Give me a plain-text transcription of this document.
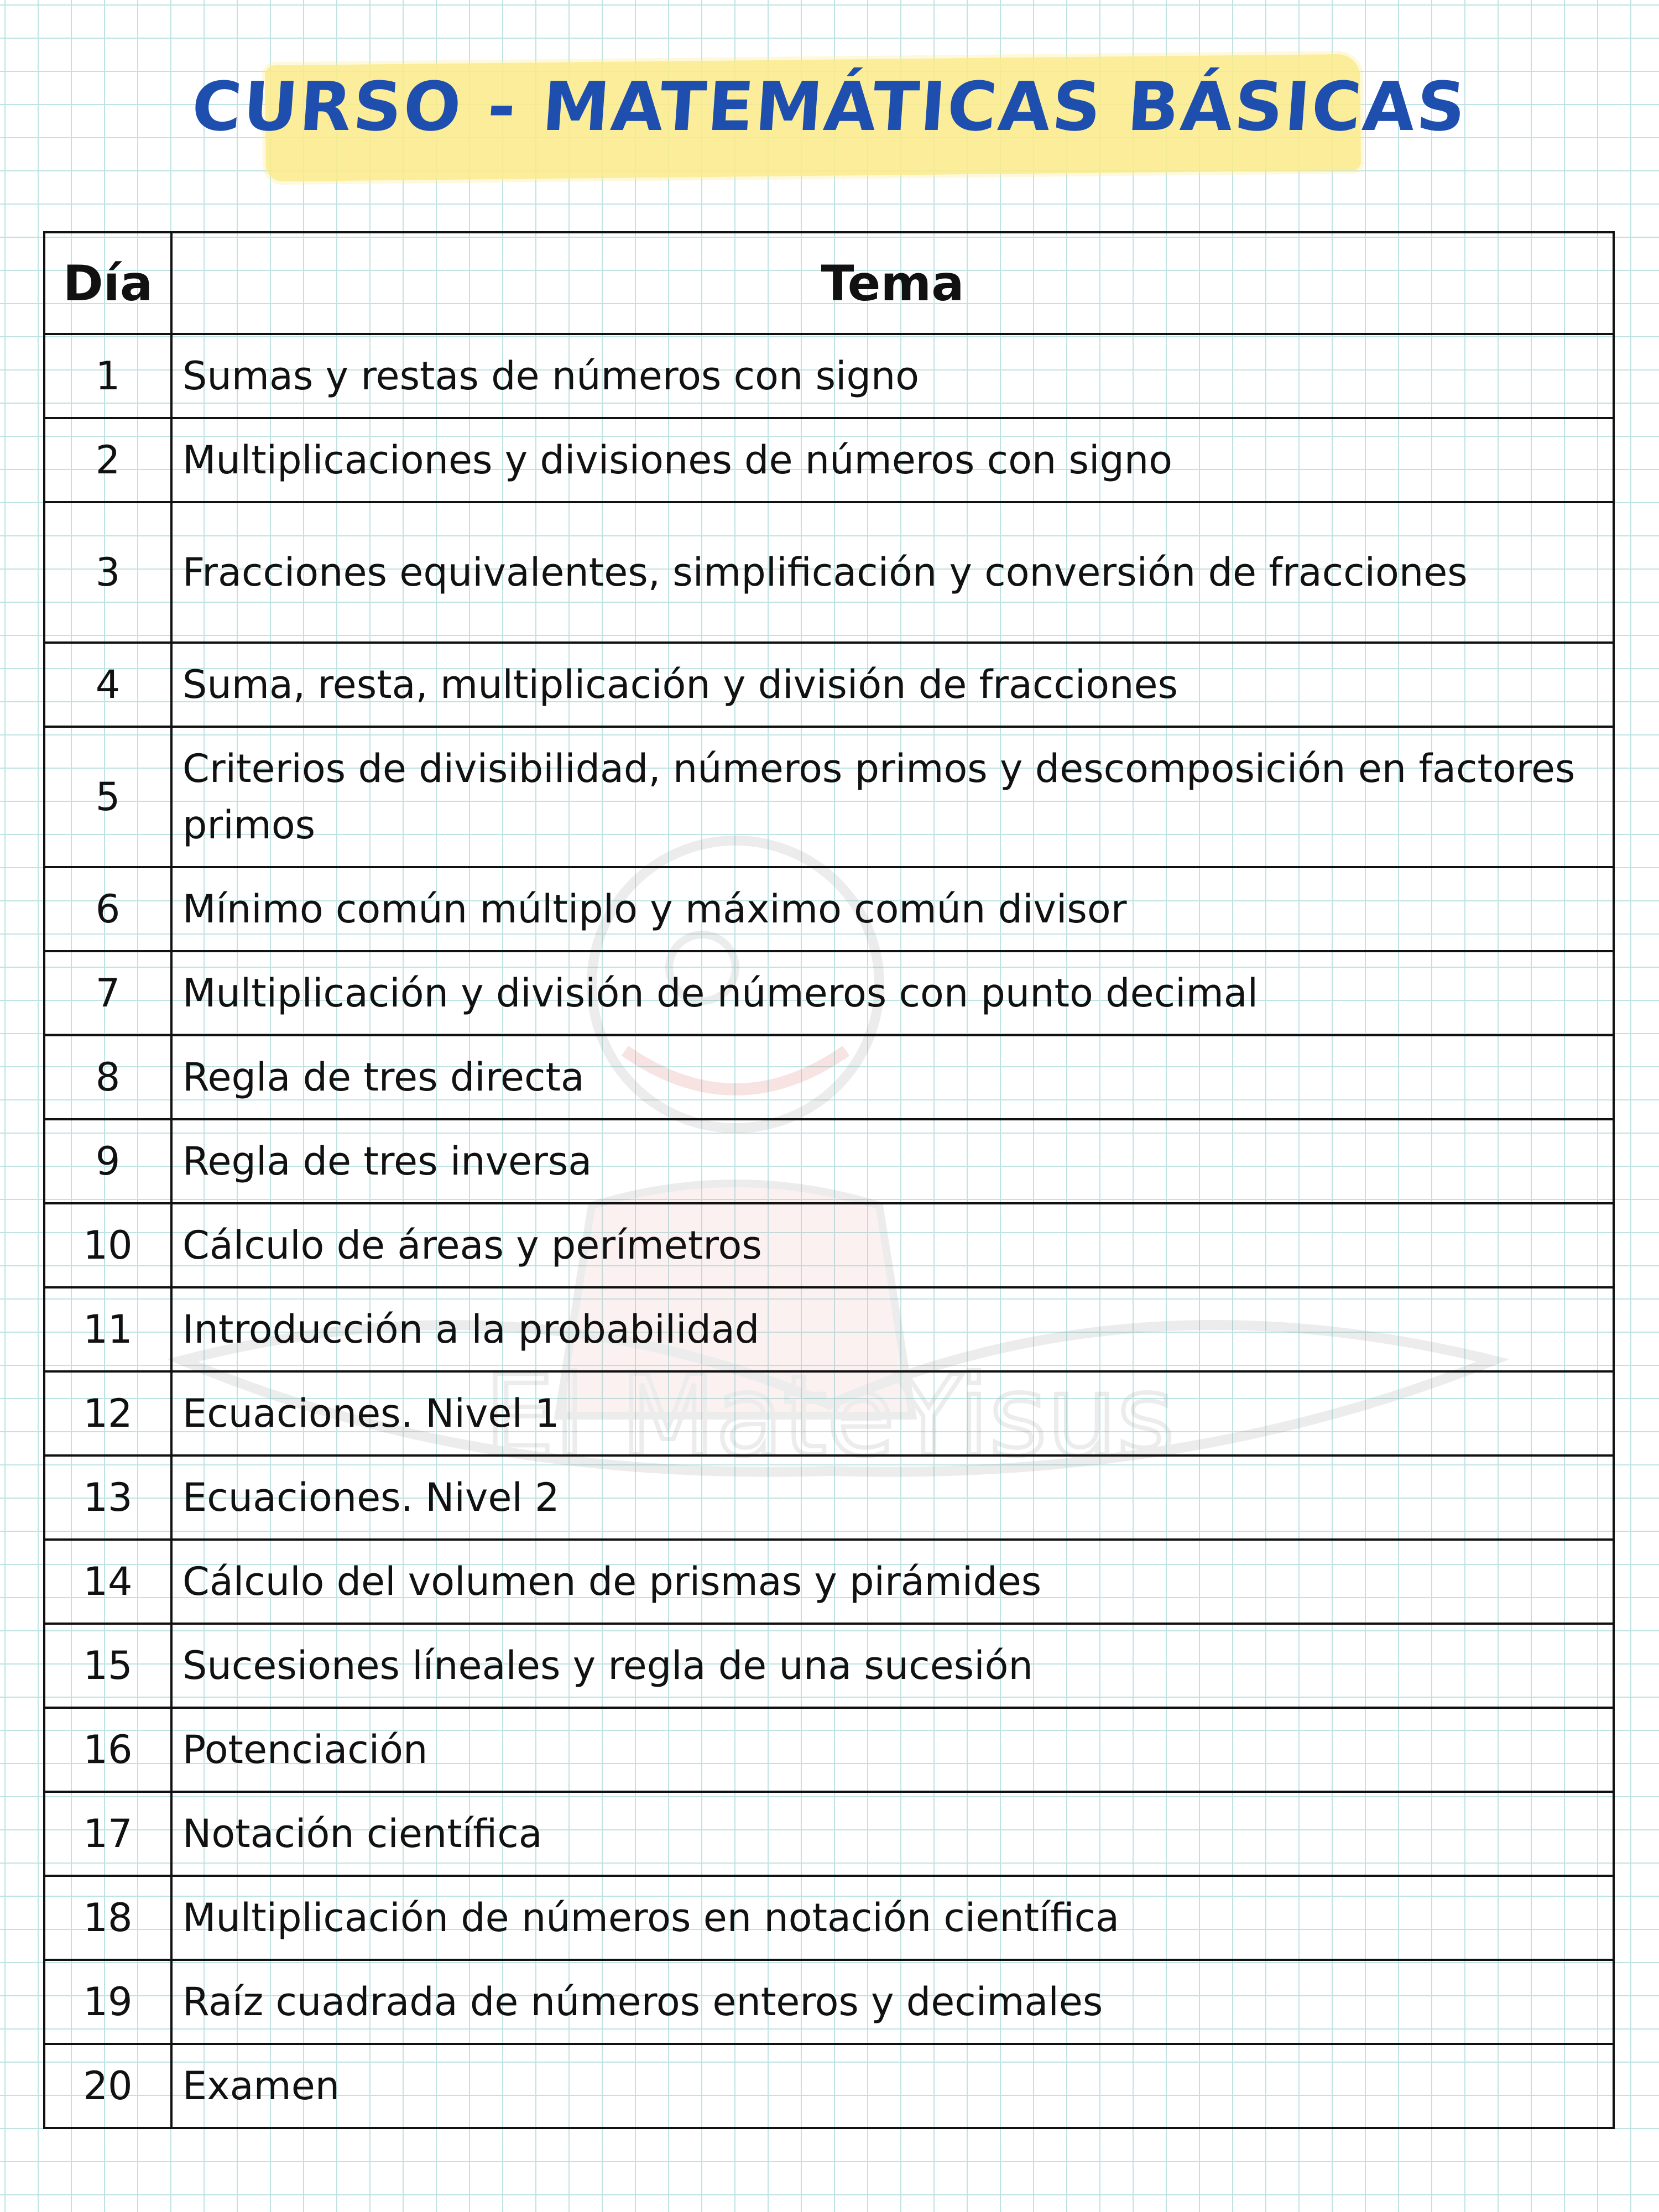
CURSO - MATEMÁTICAS BÁSICAS
El MateYisus
Día	Tema
1	Sumas y restas de números con signo
2	Multiplicaciones y divisiones de números con signo
3	Fracciones equivalentes, simplificación y conversión de fracciones
4	Suma, resta, multiplicación y división de fracciones
5	Criterios de divisibilidad, números primos y descomposición en factores primos
6	Mínimo común múltiplo y máximo común divisor
7	Multiplicación y división de números con punto decimal
8	Regla de tres directa
9	Regla de tres inversa
10	Cálculo de áreas y perímetros
11	Introducción a la probabilidad
12	Ecuaciones. Nivel 1
13	Ecuaciones. Nivel 2
14	Cálculo del volumen de prismas y pirámides
15	Sucesiones líneales y regla de una sucesión
16	Potenciación
17	Notación científica
18	Multiplicación de números en notación científica
19	Raíz cuadrada de números enteros y decimales
20	Examen
